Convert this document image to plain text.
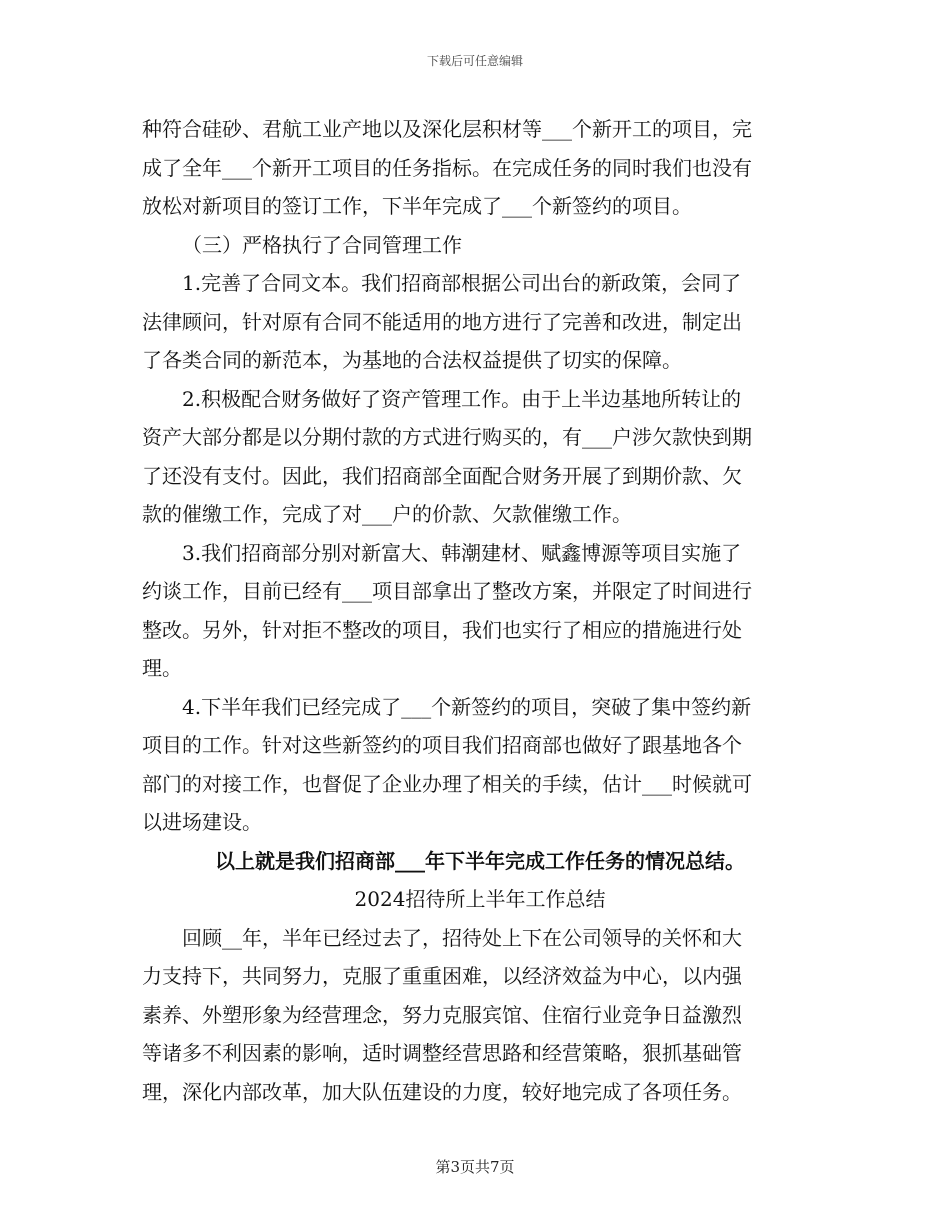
下载后可任意编辑
种符合硅砂、君航工业产地以及深化层积材等___个新开工的项目，完
成了全年___个新开工项目的任务指标。在完成任务的同时我们也没有
放松对新项目的签订工作，下半年完成了___个新签约的项目。
（三）严格执行了合同管理工作
1.完善了合同文本。我们招商部根据公司出台的新政策，会同了
法律顾问，针对原有合同不能适用的地方进行了完善和改进，制定出
了各类合同的新范本，为基地的合法权益提供了切实的保障。
2.积极配合财务做好了资产管理工作。由于上半边基地所转让的
资产大部分都是以分期付款的方式进行购买的，有___户涉欠款快到期
了还没有支付。因此，我们招商部全面配合财务开展了到期价款、欠
款的催缴工作，完成了对___户的价款、欠款催缴工作。
3.我们招商部分别对新富大、韩潮建材、赋鑫博源等项目实施了
约谈工作，目前已经有___项目部拿出了整改方案，并限定了时间进行
整改。另外，针对拒不整改的项目，我们也实行了相应的措施进行处
理。
4.下半年我们已经完成了___个新签约的项目，突破了集中签约新
项目的工作。针对这些新签约的项目我们招商部也做好了跟基地各个
部门的对接工作，也督促了企业办理了相关的手续，估计___时候就可
以进场建设。
以上就是我们招商部___年下半年完成工作任务的情况总结。
2024招待所上半年工作总结
回顾__年，半年已经过去了，招待处上下在公司领导的关怀和大
力支持下，共同努力，克服了重重困难，以经济效益为中心，以内强
素养、外塑形象为经营理念，努力克服宾馆、住宿行业竞争日益激烈
等诸多不利因素的影响，适时调整经营思路和经营策略，狠抓基础管
理，深化内部改革，加大队伍建设的力度，较好地完成了各项任务。
第3页共7页
